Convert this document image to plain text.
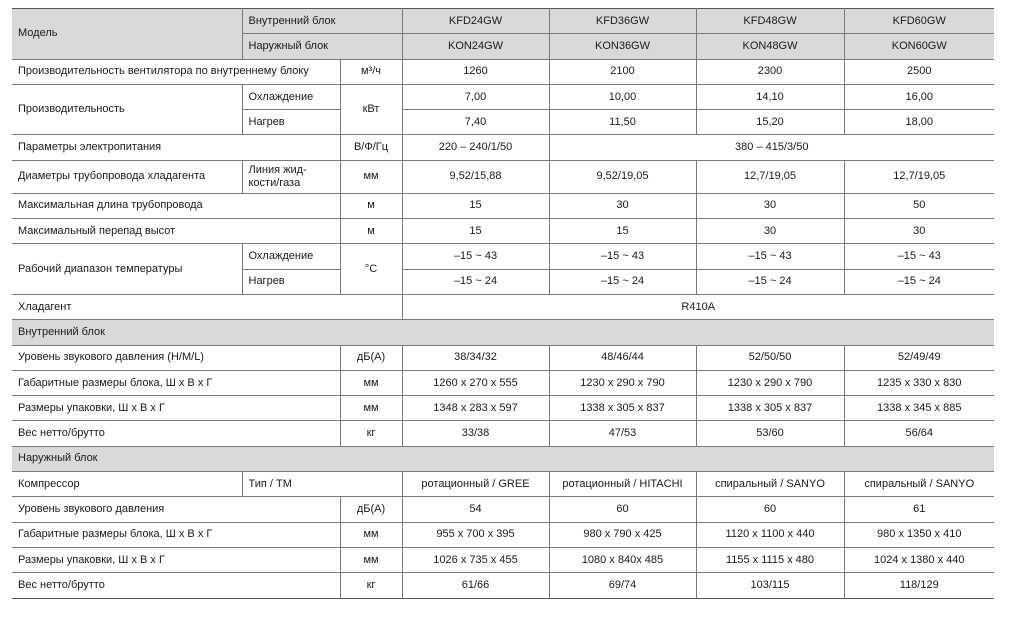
Модель	Внутренний блок		KFD24GW	KFD36GW	KFD48GW	KFD60GW
	Наружный блок		KON24GW	KON36GW	KON48GW	KON60GW
Производительность вентилятора по внутреннему блоку		м³/ч	1260	2100	2300	2500
Производительность	Охлаждение	кВт	7,00	10,00	14,10	16,00
	Нагрев		7,40	11,50	15,20	18,00
Параметры электропитания		В/Ф/Гц	220 – 240/1/50	380 – 415/3/50		
Диаметры трубопровода хладагента	Линия жид-кости/газа	мм	9,52/15,88	9,52/19,05	12,7/19,05	12,7/19,05
Максимальная длина трубопровода		м	15	30	30	50
Максимальный перепад высот		м	15	15	30	30
Рабочий диапазон температуры	Охлаждение	°C	–15 ~ 43	–15 ~ 43	–15 ~ 43	–15 ~ 43
	Нагрев		–15 ~ 24	–15 ~ 24	–15 ~ 24	–15 ~ 24
Хладагент			R410A			
Внутренний блок						
Уровень звукового давления (H/M/L)		дБ(А)	38/34/32	48/46/44	52/50/50	52/49/49
Габаритные размеры блока, Ш x В x Г		мм	1260 x 270 x 555	1230 x 290 x 790	1230 x 290 x 790	1235 x 330 x 830
Размеры упаковки, Ш x В x Г		мм	1348 x 283 x 597	1338 x 305 x 837	1338 x 305 x 837	1338 x 345 x 885
Вес нетто/брутто		кг	33/38	47/53	53/60	56/64
Наружный блок						
Компрессор	Тип / ТМ		ротационный / GREE	ротационный / HITACHI	спиральный / SANYO	спиральный / SANYO
Уровень звукового давления		дБ(А)	54	60	60	61
Габаритные размеры блока, Ш x В x Г		мм	955 x 700 x 395	980 x 790 x 425	1120 x 1100 x 440	980 x 1350 x 410
Размеры упаковки, Ш x В x Г		мм	1026 x 735 x 455	1080 x 840x 485	1155 x 1115 x 480	1024 x 1380 x 440
Вес нетто/брутто		кг	61/66	69/74	103/115	118/129
